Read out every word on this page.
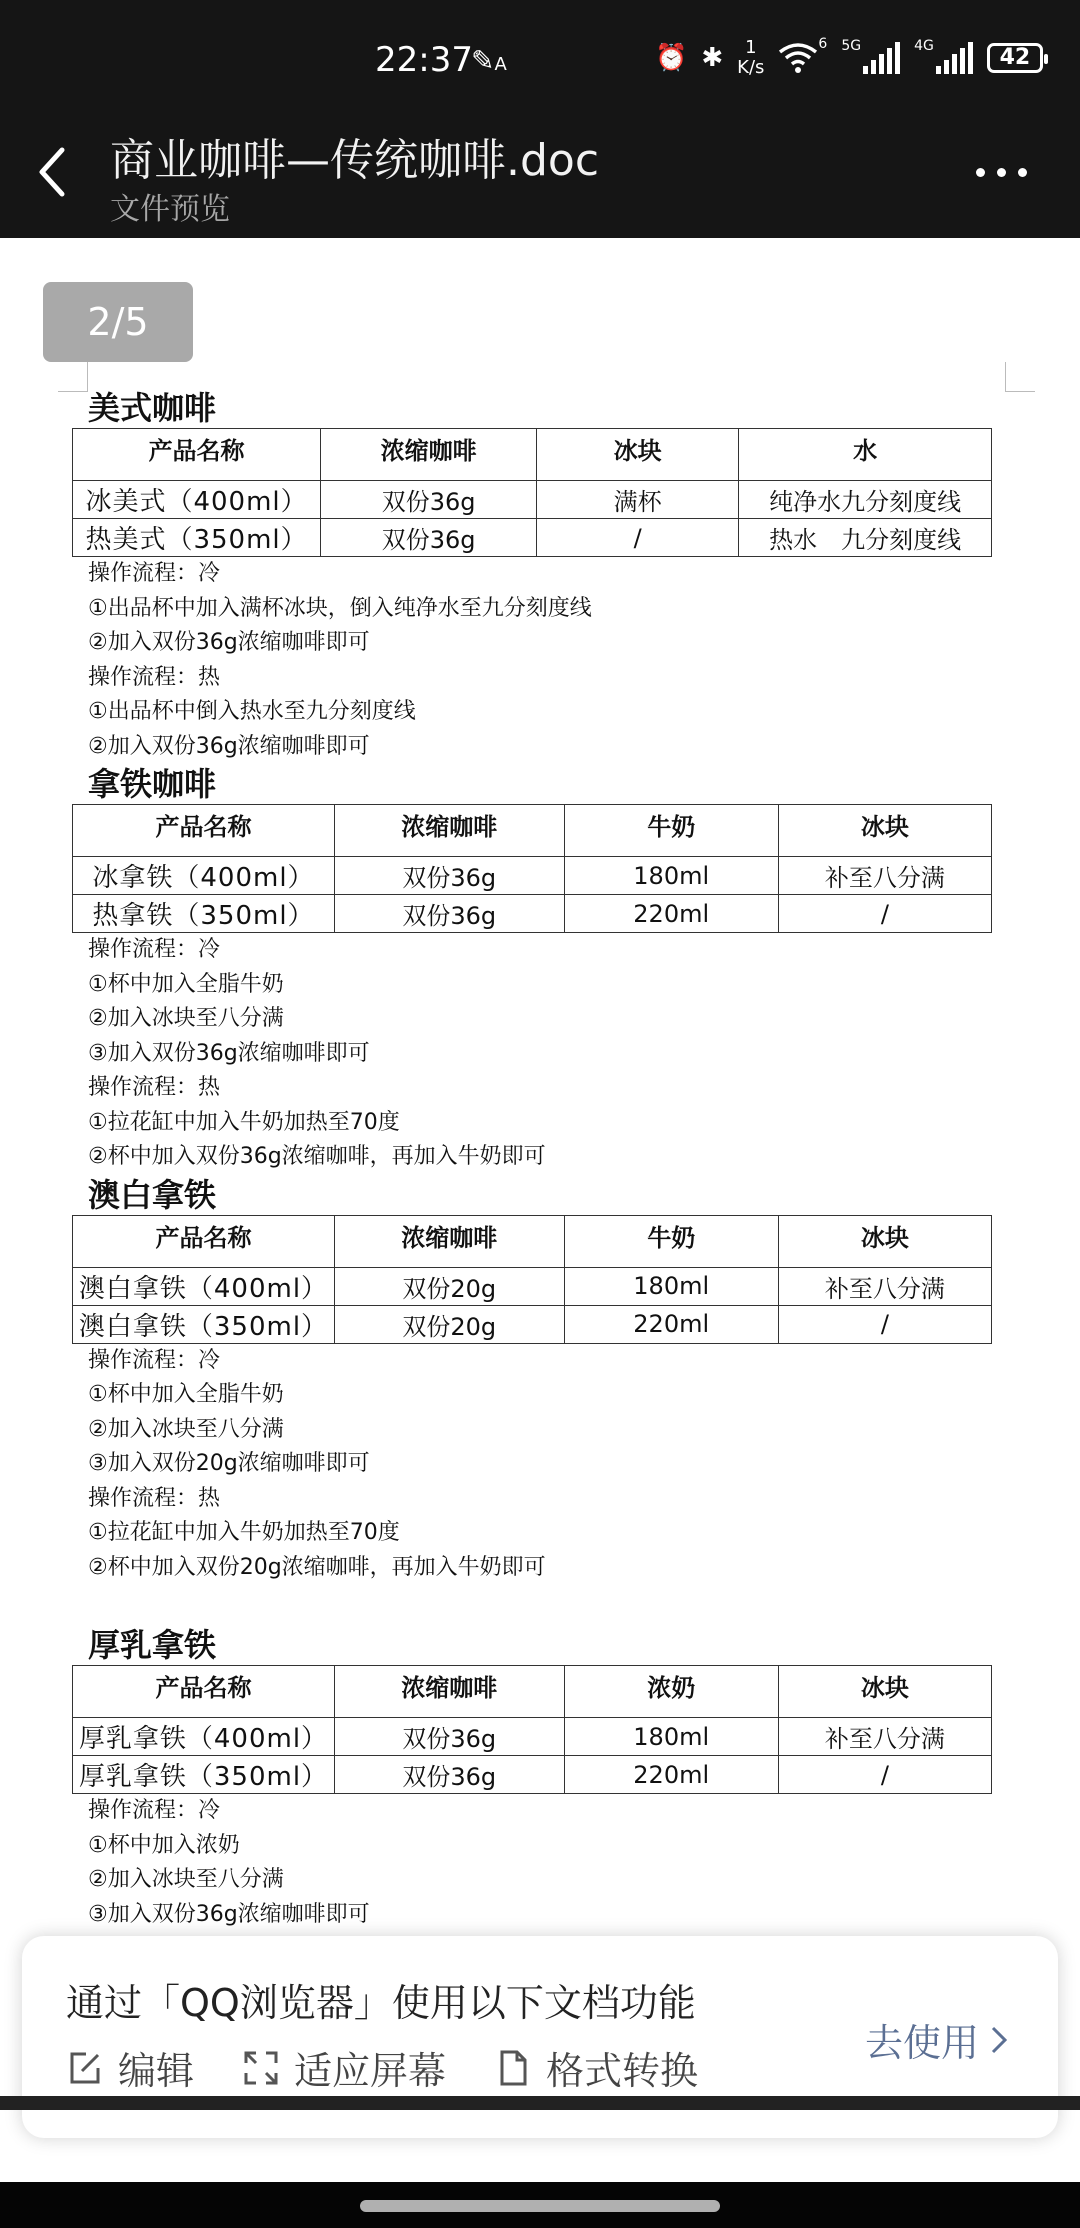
22:37
✎A	⏰ ✱ 1
K/s
6 5G	4G	42
商业咖啡—传统咖啡.doc
文件预览
2/5
美式咖啡
产品名称	浓缩咖啡	冰块	水
冰美式（400ml）	双份36g	满杯	纯净水九分刻度线
热美式（350ml）	双份36g	/	热水　九分刻度线
操作流程：冷
①出品杯中加入满杯冰块，倒入纯净水至九分刻度线
②加入双份36g浓缩咖啡即可
操作流程：热
①出品杯中倒入热水至九分刻度线
②加入双份36g浓缩咖啡即可
拿铁咖啡
产品名称	浓缩咖啡	牛奶	冰块
冰拿铁（400ml）	双份36g	180ml	补至八分满
热拿铁（350ml）	双份36g	220ml	/
操作流程：冷
①杯中加入全脂牛奶
②加入冰块至八分满
③加入双份36g浓缩咖啡即可
操作流程：热
①拉花缸中加入牛奶加热至70度
②杯中加入双份36g浓缩咖啡，再加入牛奶即可
澳白拿铁
产品名称	浓缩咖啡	牛奶	冰块
澳白拿铁（400ml）	双份20g	180ml	补至八分满
澳白拿铁（350ml）	双份20g	220ml	/
操作流程：冷
①杯中加入全脂牛奶
②加入冰块至八分满
③加入双份20g浓缩咖啡即可
操作流程：热
①拉花缸中加入牛奶加热至70度
②杯中加入双份20g浓缩咖啡，再加入牛奶即可
厚乳拿铁
产品名称	浓缩咖啡	浓奶	冰块
厚乳拿铁（400ml）	双份36g	180ml	补至八分满
厚乳拿铁（350ml）	双份36g	220ml	/
操作流程：冷
①杯中加入浓奶
②加入冰块至八分满
③加入双份36g浓缩咖啡即可
通过「QQ浏览器」使用以下文档功能
编辑	适应屏幕	格式转换
去使用
